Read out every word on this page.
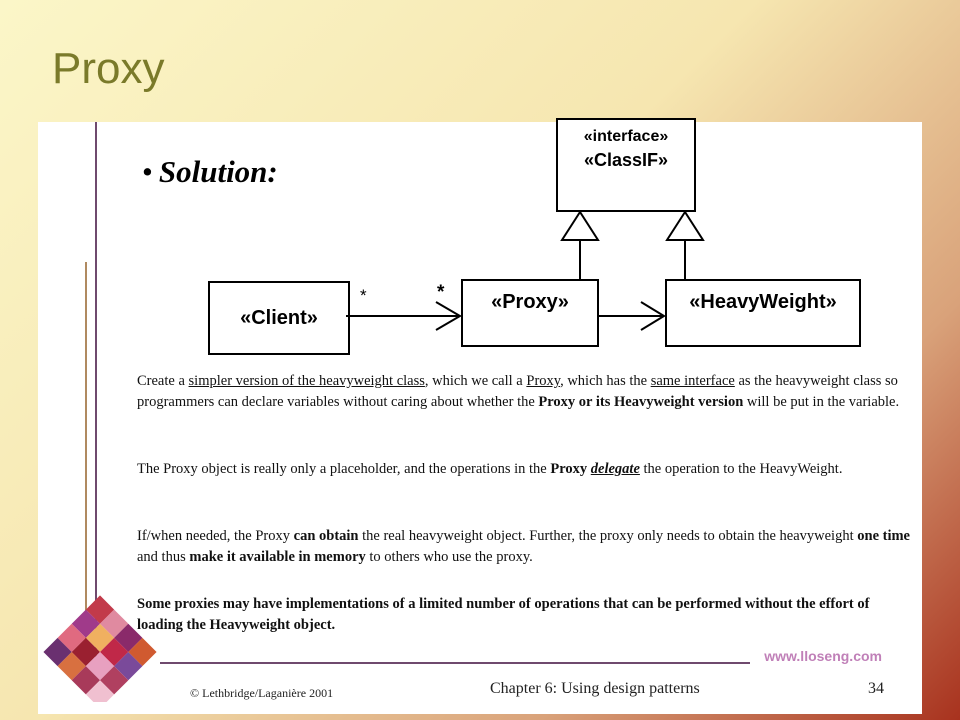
Proxy
• Solution:
«interface»
«ClassIF»
«Client»
«Proxy»	«HeavyWeight»
*	*
Create a simpler version of the heavyweight class, which we call a Proxy, which has the same interface as the heavyweight class so programmers can declare variables without caring about whether the Proxy or its Heavyweight version will be put in the variable.
The Proxy object is really only a placeholder, and the operations in the Proxy delegate the operation to the HeavyWeight.
If/when needed, the Proxy can obtain the real heavyweight object. Further, the proxy only needs to obtain the heavyweight one time and thus make it available in memory to others who use the proxy.
Some proxies may have implementations of a limited number of operations that can be performed without the effort of loading the Heavyweight object.
www.lloseng.com
© Lethbridge/Laganière 2001	Chapter 6: Using design patterns	34
